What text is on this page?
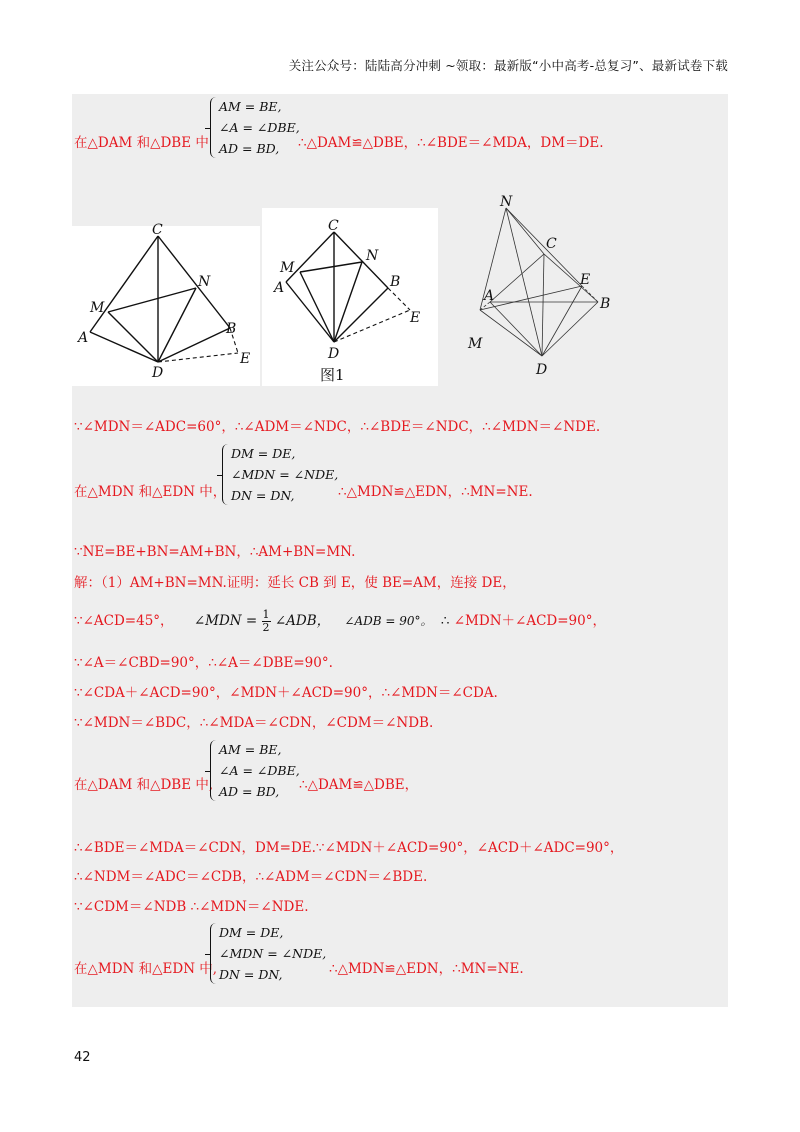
关注公众号：陆陆高分冲刺 ~领取：最新版“小中高考-总复习”、最新试卷下载
在△DAM 和△DBE 中
AM = BE,
∠A = ∠DBE,
AD = BD,	∴△DAM≌△DBE，∴∠BDE＝∠MDA，DM＝DE.
C
N
M
A
B
D
E
C
N
M
A	B
D
E
图1
N
C
E
A	B
M
D
∵∠MDN＝∠ADC=60°，∴∠ADM＝∠NDC，∴∠BDE＝∠NDC，∴∠MDN＝∠NDE.
在△MDN 和△EDN 中，
DM = DE,
∠MDN = ∠NDE,
DN = DN,	∴△MDN≌△EDN，∴MN=NE.
∵NE=BE+BN=AM+BN，∴AM+BN=MN.
解：（1）AM+BN=MN.证明：延长 CB 到 E，使 BE=AM，连接 DE，
∵∠ACD=45°， ∠MDN = $\frac{1}{2}$ ∠ADB， ∠ADB = 90°。 ∴ ∠MDN＋∠ACD=90°，
∵∠A＝∠CBD=90°，∴∠A＝∠DBE=90°.
∵∠CDA＋∠ACD=90°，∠MDN＋∠ACD=90°，∴∠MDN＝∠CDA.
∵∠MDN＝∠BDC，∴∠MDA＝∠CDN，∠CDM＝∠NDB.
在△DAM 和△DBE 中,
AM = BE,
∠A = ∠DBE,
AD = BD,	∴△DAM≌△DBE，
∴∠BDE＝∠MDA＝∠CDN，DM=DE.∵∠MDN＋∠ACD=90°，∠ACD＋∠ADC=90°，
∴∠NDM＝∠ADC＝∠CDB，∴∠ADM＝∠CDN＝∠BDE.
∵∠CDM＝∠NDB ∴∠MDN＝∠NDE.
在△MDN 和△EDN 中,
DM = DE,
∠MDN = ∠NDE,
DN = DN,	∴△MDN≌△EDN，∴MN=NE.
42
